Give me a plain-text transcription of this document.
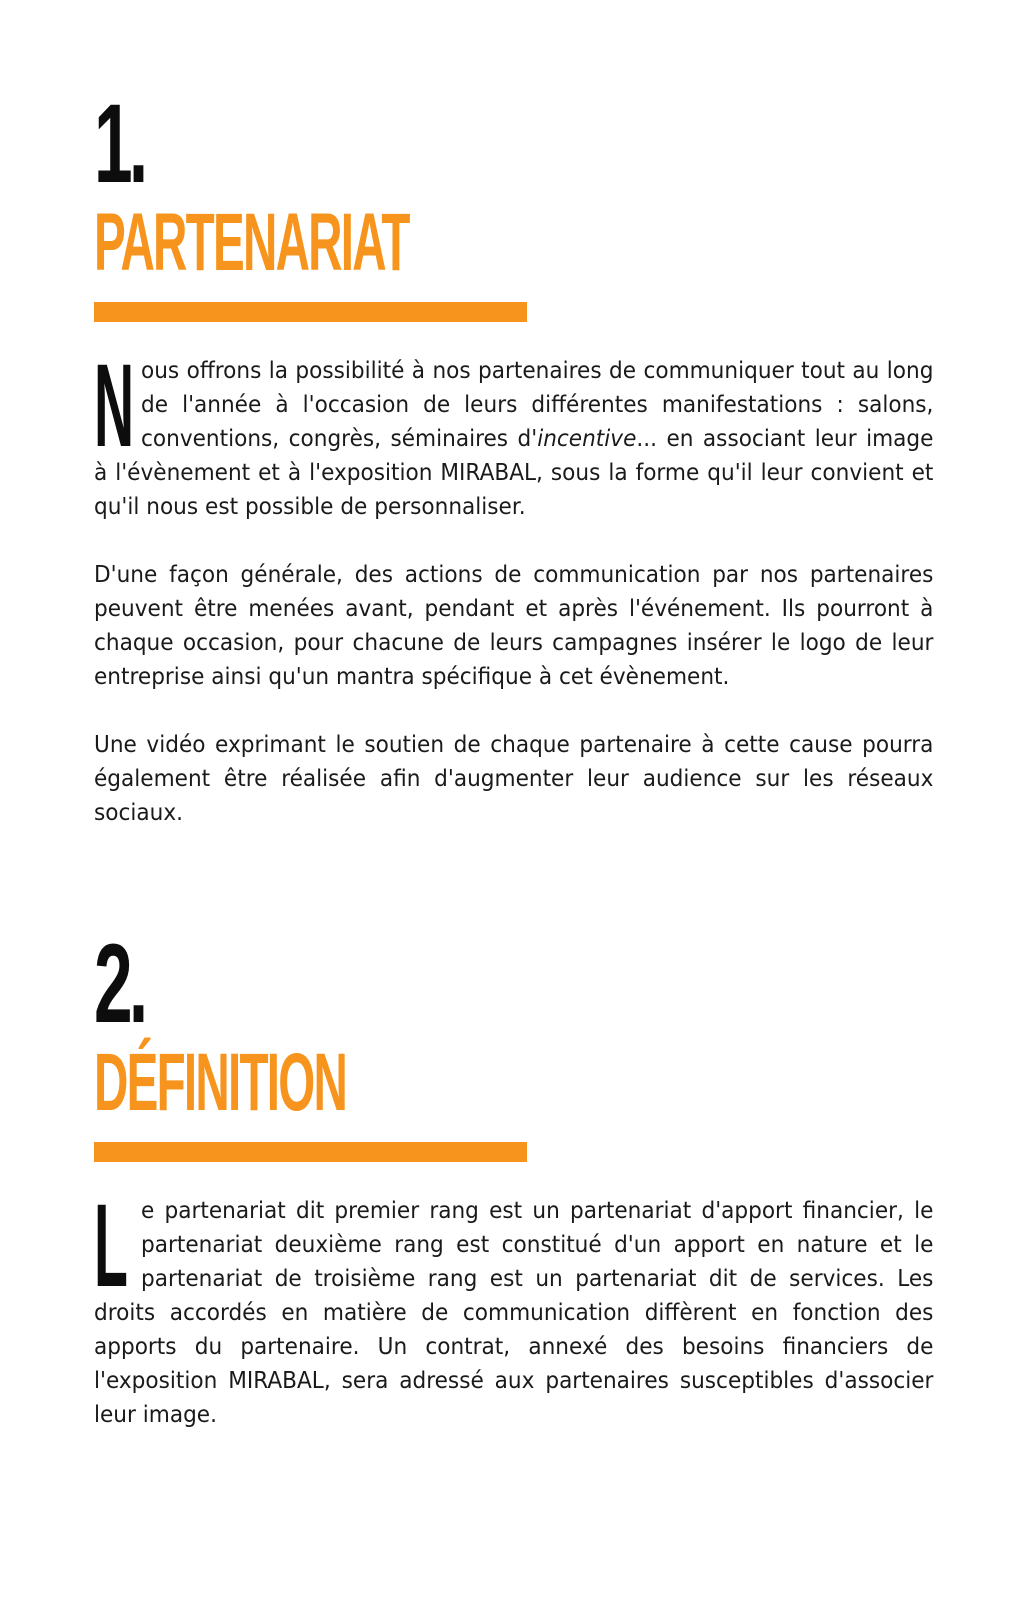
1.
PARTENARIAT

Nous offrons la possibilité à nos partenaires de communiquer tout au long de l'année à l'occasion de leurs différentes manifestations : salons, conventions, congrès, séminaires d'incentive... en associant leur image à l'évènement et à l'exposition MIRABAL, sous la forme qu'il leur convient et qu'il nous est possible de personnaliser.

D'une façon générale, des actions de communication par nos partenaires peuvent être menées avant, pendant et après l'événement. Ils pourront à chaque occasion, pour chacune de leurs campagnes insérer le logo de leur entreprise ainsi qu'un mantra spécifique à cet évènement.

Une vidéo exprimant le soutien de chaque partenaire à cette cause pourra également être réalisée afin d'augmenter leur audience sur les réseaux sociaux.

2.
DÉFINITION

Le partenariat dit premier rang est un partenariat d'apport financier, le partenariat deuxième rang est constitué d'un apport en nature et le partenariat de troisième rang est un partenariat dit de services. Les droits accordés en matière de communication diffèrent en fonction des apports du partenaire. Un contrat, annexé des besoins financiers de l'exposition MIRABAL, sera adressé aux partenaires susceptibles d'associer leur image.
